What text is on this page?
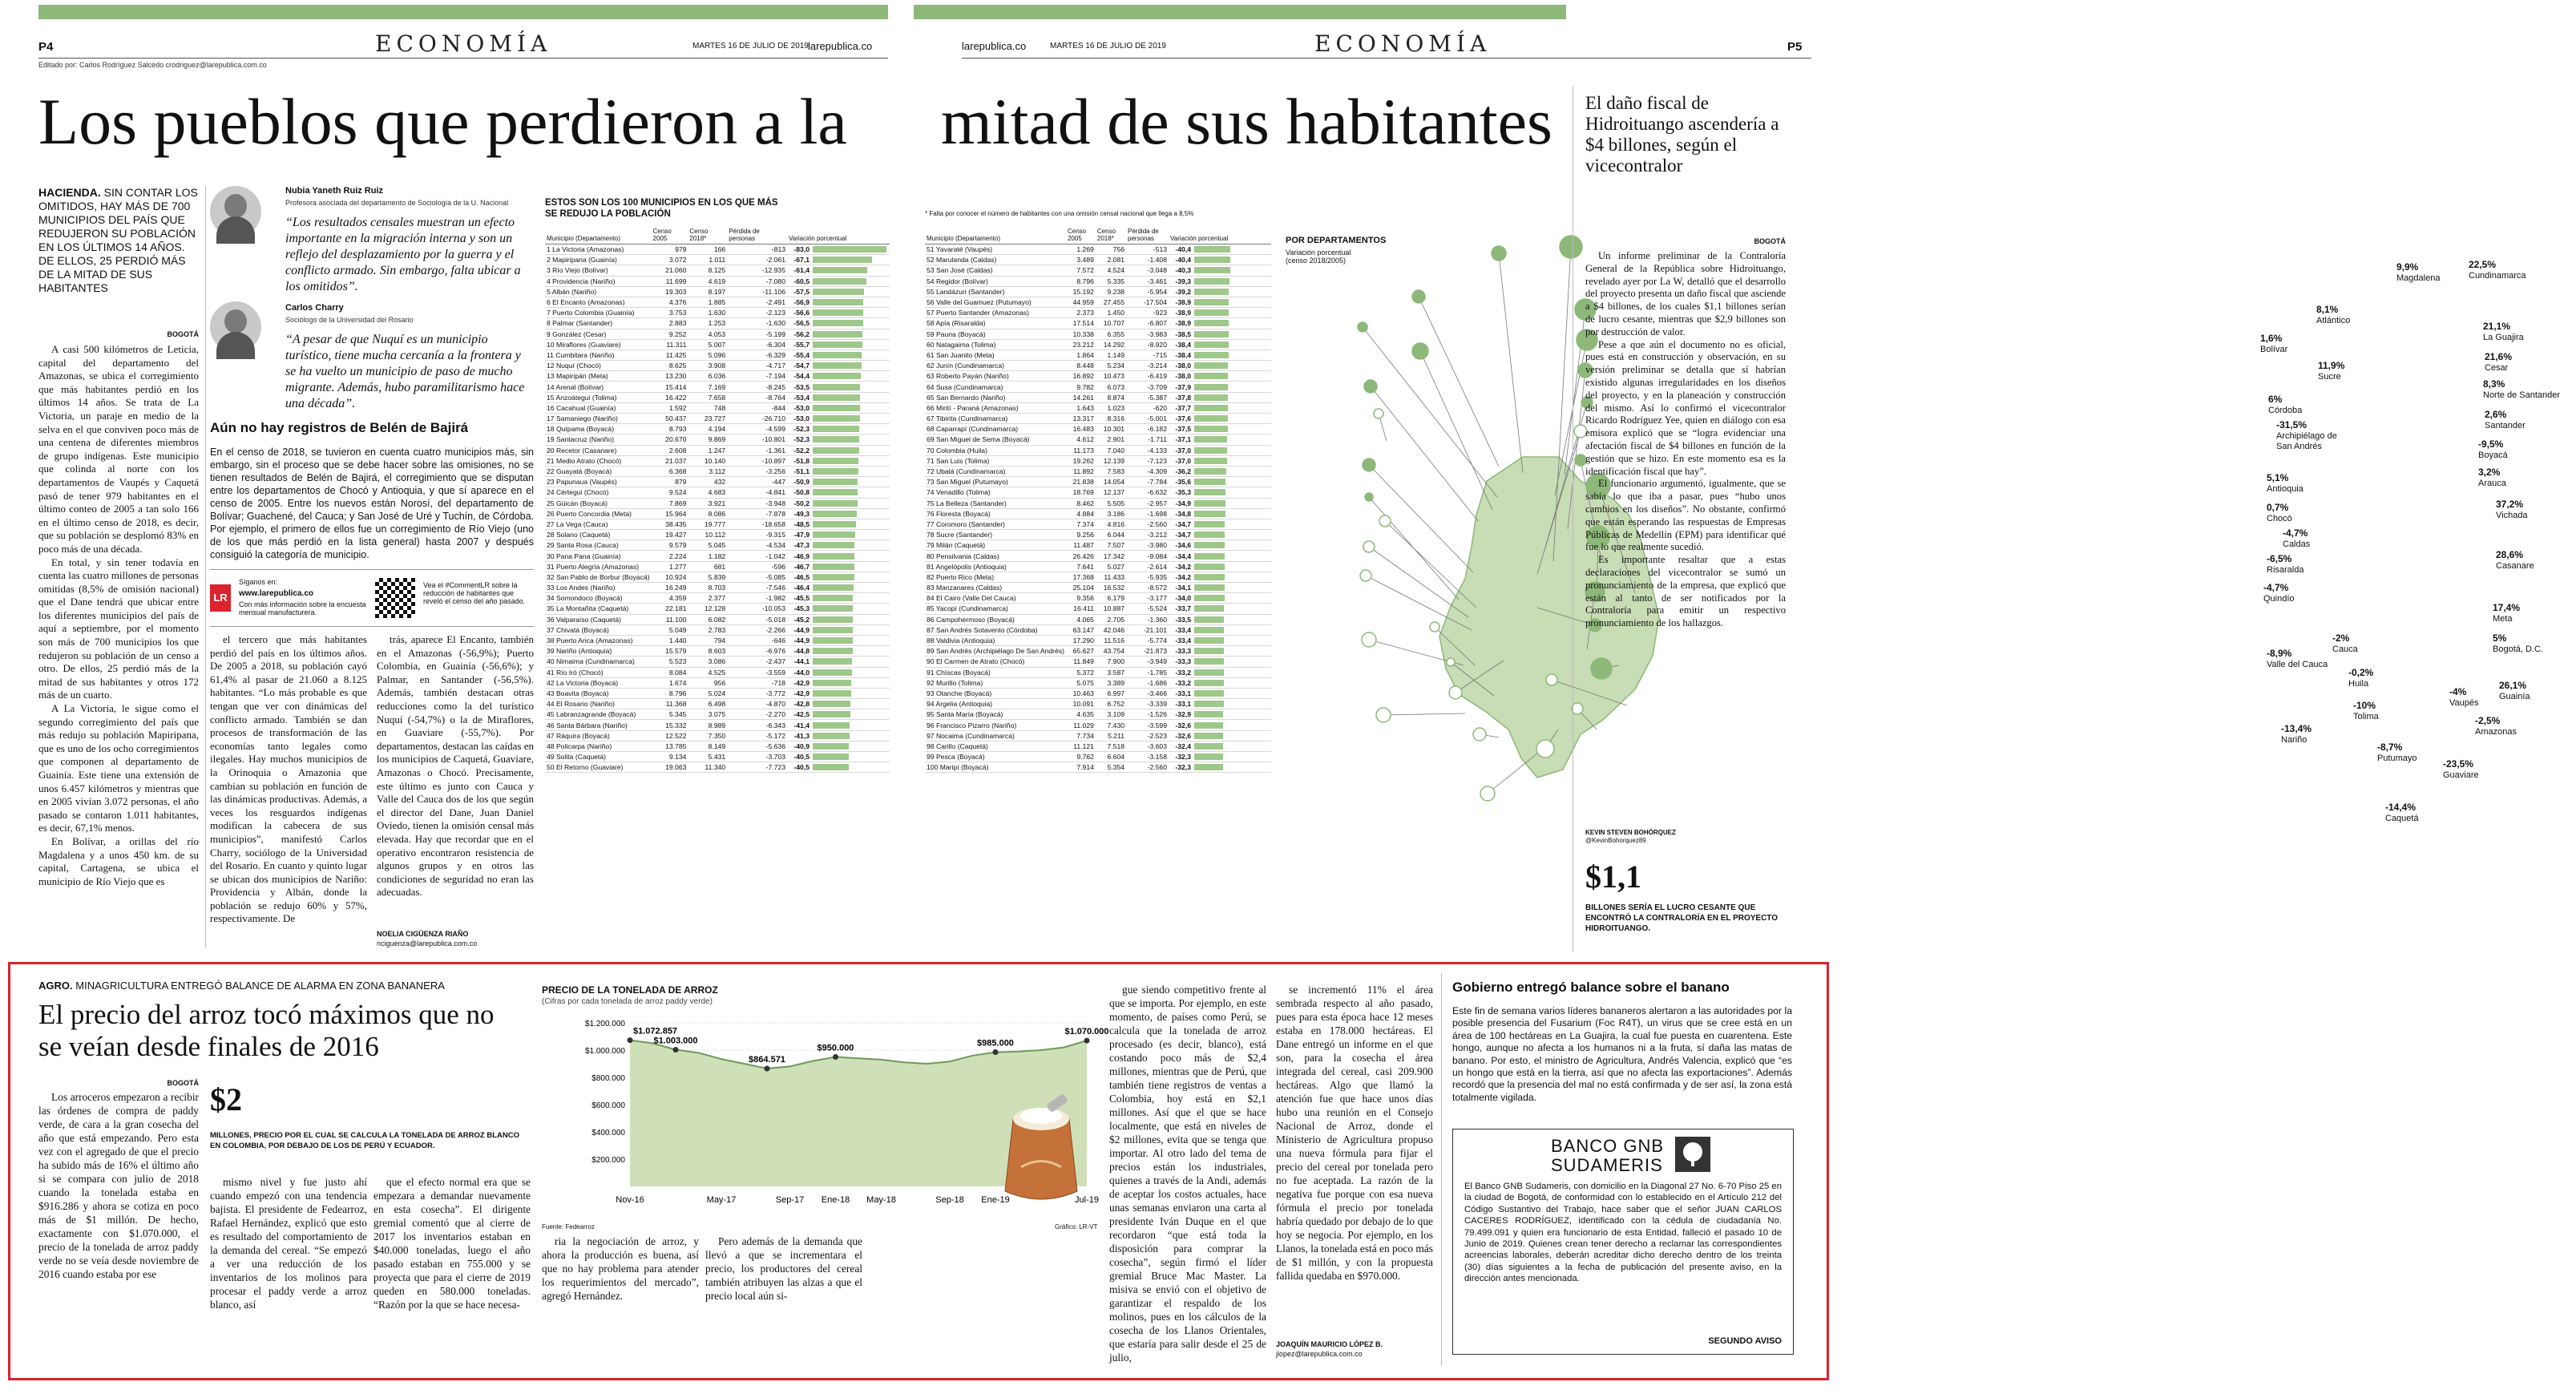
P4	ECONOMÍA	MARTES 16 DE JULIO DE 2019 larepublica.co
Editado por: Carlos Rodríguez Salcedo crodriguez@larepublica.com.co
Los pueblos que perdieron a la
HACIENDA. SIN CONTAR LOS OMITIDOS, HAY MÁS DE 700 MUNICIPIOS DEL PAÍS QUE REDUJERON SU POBLACIÓN EN LOS ÚLTIMOS 14 AÑOS. DE ELLOS, 25 PERDIÓ MÁS DE LA MITAD DE SUS HABITANTES
BOGOTÁ

A casi 500 kilómetros de Leticia, capital del departamento del Amazonas, se ubica el corregimiento que más habitantes perdió en los últimos 14 años. Se trata de La Victoria, un paraje en medio de la selva en el que conviven poco más de una centena de diferentes miembros de grupo indígenas. Este municipio que colinda al norte con los departamentos de Vaupés y Caquetá pasó de tener 979 habitantes en el último conteo de 2005 a tan solo 166 en el último censo de 2018, es decir, que su población se desplomó 83% en poco más de una década.

En total, y sin tener todavía en cuenta las cuatro millones de personas omitidas (8,5% de omisión nacional) que el Dane tendrá que ubicar entre los diferentes municipios del país de aquí a septiembre, por el momento son más de 700 municipios los que redujeron su población de un censo a otro. De ellos, 25 perdió más de la mitad de sus habitantes y otros 172 más de un cuarto.

A La Victoria, le sigue como el segundo corregimiento del país que más redujo su población Mapiripana, que es uno de los ocho corregimientos que componen al departamento de Guainía. Este tiene una extensión de unos 6.457 kilómetros y mientras que en 2005 vivían 3.072 personas, el año pasado se contaron 1.011 habitantes, es decir, 67,1% menos.

En Bolívar, a orillas del río Magdalena y a unos 450 km. de su capital, Cartagena, se ubica el municipio de Río Viejo que es

Nubia Yaneth Ruiz Ruiz
Profesora asociada del departamento de Sociología de la U. Nacional
“Los resultados censales muestran un efecto importante en la migración interna y son un reflejo del desplazamiento por la guerra y el conflicto armado. Sin embargo, falta ubicar a los omitidos”.
Carlos Charry
Sociólogo de la Universidad del Rosario
“A pesar de que Nuquí es un municipio turístico, tiene mucha cercanía a la frontera y se ha vuelto un municipio de paso de mucho migrante. Además, hubo paramilitarismo hace una década”.
Aún no hay registros de Belén de Bajirá
En el censo de 2018, se tuvieron en cuenta cuatro municipios más, sin embargo, sin el proceso que se debe hacer sobre las omisiones, no se tienen resultados de Belén de Bajirá, el corregimiento que se disputan entre los departamentos de Chocó y Antioquia, y que sí aparece en el censo de 2005. Entre los nuevos están Norosí, del departamento de Bolívar; Guachené, del Cauca; y San José de Uré y Tuchín, de Córdoba. Por ejemplo, el primero de ellos fue un corregimiento de Río Viejo (uno de los que más perdió en la lista general) hasta 2007 y después consiguió la categoría de municipio.
LR
Síganos en:
www.larepublica.co
Con más información sobre la encuesta mensual manufacturera.
Vea el #CommentLR sobre la reducción de habitantes que reveló el censo del año pasado.

el tercero que más habitantes perdió del país en los últimos años. De 2005 a 2018, su población cayó 61,4% al pasar de 21.060 a 8.125 habitantes. “Lo más probable es que tengan que ver con dinámicas del conflicto armado. También se dan procesos de transformación de las economías tanto legales como ilegales. Hay muchos municipios de la Orinoquia o Amazonia que cambian su población en función de las dinámicas productivas. Además, a veces los resguardos indígenas modifican la cabecera de sus municipios”, manifestó Carlos Charry, sociólogo de la Universidad del Rosario. En cuanto y quinto lugar se ubican dos municipios de Nariño: Providencia y Albán, donde la población se redujo 60% y 57%, respectivamente. De

trás, aparece El Encanto, también en el Amazonas (-56,9%); Puerto Colombia, en Guainía (-56,6%); y Palmar, en Santander (-56,5%). Además, también destacan otras reducciones como la del turístico Nuquí (-54,7%) o la de Miraflores, en Guaviare (-55,7%). Por departamentos, destacan las caídas en los municipios de Caquetá, Guaviare, Amazonas o Chocó. Precisamente, este último es junto con Cauca y Valle del Cauca dos de los que según el director del Dane, Juan Daniel Oviedo, tienen la omisión censal más elevada. Hay que recordar que en el operativo encontraron resistencia de algunos grupos y en otros las condiciones de seguridad no eran las adecuadas.

NOELIA CIGÜENZA RIAÑO
nciguenza@larepublica.com.co
ESTOS SON LOS 100 MUNICIPIOS EN LOS QUE MÁS SE REDUJO LA POBLACIÓN
Municipio (Departamento)	Censo 2005	Censo 2018*	Pérdida de personas	Variación porcentual	
1 La Victoria (Amazonas)	979	166	-813	-83,0	

2 Mapiripana (Guainía)	3.072	1.011	-2.061	-67,1	

3 Río Viejo (Bolívar)	21.060	8.125	-12.935	-61,4	

4 Providencia (Nariño)	11.699	4.619	-7.080	-60,5	

5 Albán (Nariño)	19.303	8.197	-11.106	-57,5	

6 El Encanto (Amazonas)	4.376	1.885	-2.491	-56,9	

7 Puerto Colombia (Guainía)	3.753	1.630	-2.123	-56,6	

8 Palmar (Santander)	2.883	1.253	-1.630	-56,5	

9 González (Cesar)	9.252	4.053	-5.199	-56,2	

10 Miraflores (Guaviare)	11.311	5.007	-6.304	-55,7	

11 Cumbitara (Nariño)	11.425	5.096	-6.329	-55,4	

12 Nuquí (Chocó)	8.625	3.908	-4.717	-54,7	

13 Mapiripán (Meta)	13.230	6.036	-7.194	-54,4	

14 Arenal (Bolívar)	15.414	7.169	-8.245	-53,5	

15 Anzoátegui (Tolima)	16.422	7.658	-8.764	-53,4	

16 Cacahual (Guainía)	1.592	748	-844	-53,0	

17 Samaniego (Nariño)	50.437	23.727	-26.710	-53,0	

18 Quípama (Boyacá)	8.793	4.194	-4.599	-52,3	

19 Santacruz (Nariño)	20.670	9.869	-10.801	-52,3	

20 Recetor (Casanare)	2.608	1.247	-1.361	-52,2	

21 Medio Atrato (Chocó)	21.037	10.140	-10.897	-51,8	

22 Guayatá (Boyacá)	6.368	3.112	-3.256	-51,1	

23 Papunaua (Vaupés)	879	432	-447	-50,9	

24 Cértegui (Chocó)	9.524	4.683	-4.841	-50,8	

25 Güicán (Boyacá)	7.869	3.921	-3.948	-50,2	

26 Puerto Concordia (Meta)	15.964	8.086	-7.878	-49,3	

27 La Vega (Cauca)	38.435	19.777	-18.658	-48,5	

28 Solano (Caquetá)	19.427	10.112	-9.315	-47,9	

29 Santa Rosa (Cauca)	9.579	5.045	-4.534	-47,3	

30 Pana Pana (Guainía)	2.224	1.182	-1.042	-46,9	

31 Puerto Alegría (Amazonas)	1.277	681	-596	-46,7	

32 San Pablo de Borbur (Boyacá)	10.924	5.839	-5.085	-46,5	

33 Los Andes (Nariño)	16.249	8.703	-7.546	-46,4	

34 Somondoco (Boyacá)	4.359	2.377	-1.982	-45,5	

35 La Montañita (Caquetá)	22.181	12.128	-10.053	-45,3	

36 Valparaíso (Caquetá)	11.100	6.082	-5.018	-45,2	

37 Chivatá (Boyacá)	5.049	2.783	-2.266	-44,9	

38 Puerto Arica (Amazonas)	1.440	794	-646	-44,9	

39 Nariño (Antioquia)	15.579	8.603	-6.976	-44,8	

40 Nimaima (Cundinamarca)	5.523	3.086	-2.437	-44,1	

41 Río Iró (Chocó)	8.084	4.525	-3.559	-44,0	

42 La Victoria (Boyacá)	1.674	956	-718	-42,9	

43 Boavita (Boyacá)	8.796	5.024	-3.772	-42,9	

44 El Rosario (Nariño)	11.368	6.498	-4.870	-42,8	

45 Labranzagrande (Boyacá)	5.345	3.075	-2.270	-42,5	

46 Santa Bárbara (Nariño)	15.332	8.989	-6.343	-41,4	

47 Ráquira (Boyacá)	12.522	7.350	-5.172	-41,3	

48 Policarpa (Nariño)	13.785	8.149	-5.636	-40,9	

49 Solita (Caquetá)	9.134	5.431	-3.703	-40,5	

50 El Retorno (Guaviare)	19.063	11.340	-7.723	-40,5	
larepublica.co	MARTES 16 DE JULIO DE 2019	ECONOMÍA	P5
mitad de sus habitantes
* Falta por conocer el número de habitantes con una omisión censal nacional que llega a 8,5%
Municipio (Departamento)	Censo 2005	Censo 2018*	Pérdida de personas	Variación porcentual	
51 Yavaraté (Vaupés)	1.269	756	-513	-40,4	

52 Marulanda (Caldas)	3.489	2.081	-1.408	-40,4	

53 San José (Caldas)	7.572	4.524	-3.048	-40,3	

54 Regidor (Bolívar)	8.796	5.335	-3.461	-39,3	

55 Landázuri (Santander)	15.192	9.238	-5.954	-39,2	

56 Valle del Guamuez (Putumayo)	44.959	27.455	-17.504	-38,9	

57 Puerto Santander (Amazonas)	2.373	1.450	-923	-38,9	

58 Apía (Risaralda)	17.514	10.707	-6.807	-38,9	

59 Pauna (Boyacá)	10.338	6.355	-3.983	-38,5	

60 Natagaima (Tolima)	23.212	14.292	-8.920	-38,4	

61 San Juanito (Meta)	1.864	1.149	-715	-38,4	

62 Junín (Cundinamarca)	8.448	5.234	-3.214	-38,0	

63 Roberto Payán (Nariño)	16.892	10.473	-6.419	-38,0	

64 Susa (Cundinamarca)	9.782	6.073	-3.709	-37,9	

65 San Bernardo (Nariño)	14.261	8.874	-5.387	-37,8	

66 Mirití - Paraná (Amazonas)	1.643	1.023	-620	-37,7	

67 Tibirita (Cundinamarca)	13.317	8.316	-5.001	-37,6	

68 Caparrapí (Cundinamarca)	16.483	10.301	-6.182	-37,5	

69 San Miguel de Sema (Boyacá)	4.612	2.901	-1.711	-37,1	

70 Colombia (Huila)	11.173	7.040	-4.133	-37,0	

71 San Luis (Tolima)	19.262	12.139	-7.123	-37,0	

72 Ubalá (Cundinamarca)	11.892	7.583	-4.309	-36,2	

73 San Miguel (Putumayo)	21.838	14.054	-7.784	-35,6	

74 Venadillo (Tolima)	18.769	12.137	-6.632	-35,3	

75 La Belleza (Santander)	8.462	5.505	-2.957	-34,9	

76 Floresta (Boyacá)	4.884	3.186	-1.698	-34,8	

77 Coromoro (Santander)	7.374	4.816	-2.560	-34,7	

78 Sucre (Santander)	9.256	6.044	-3.212	-34,7	

79 Milán (Caquetá)	11.487	7.507	-3.980	-34,6	

80 Pensilvania (Caldas)	26.426	17.342	-9.084	-34,4	

81 Angelópolis (Antioquia)	7.641	5.027	-2.614	-34,2	

82 Puerto Rico (Meta)	17.368	11.433	-5.935	-34,2	

83 Manzanares (Caldas)	25.104	16.532	-8.572	-34,1	

84 El Cairo (Valle Del Cauca)	9.356	6.179	-3.177	-34,0	

85 Yacopí (Cundinamarca)	16.411	10.887	-5.524	-33,7	

86 Campohermoso (Boyacá)	4.065	2.705	-1.360	-33,5	

87 San Andrés Sotavento (Córdoba)	63.147	42.046	-21.101	-33,4	

88 Valdivia (Antioquia)	17.290	11.516	-5.774	-33,4	

89 San Andrés (Archipiélago De San Andrés)	65.627	43.754	-21.873	-33,3	

90 El Carmen de Atrato (Chocó)	11.849	7.900	-3.949	-33,3	

91 Chíscas (Boyacá)	5.372	3.587	-1.785	-33,2	

92 Murillo (Tolima)	5.075	3.389	-1.686	-33,2	

93 Otanche (Boyacá)	10.463	6.997	-3.466	-33,1	

94 Argelia (Antioquia)	10.091	6.752	-3.339	-33,1	

95 Santa María (Boyacá)	4.635	3.109	-1.526	-32,9	

96 Francisco Pizarro (Nariño)	11.029	7.430	-3.599	-32,6	

97 Nocaima (Cundinamarca)	7.734	5.211	-2.523	-32,6	

98 Carillo (Caquetá)	11.121	7.518	-3.603	-32,4	

99 Pesca (Boyacá)	9.762	6.604	-3.158	-32,3	

100 Maripí (Boyacá)	7.914	5.354	-2.560	-32,3	
POR DEPARTAMENTOS
Variación porcentual (censo 2018/2005)	22,5%
Cundinamarca
9,9%
Magdalena
8,1%
Atlántico	21,1%
La Guajira
1,6%
Bolívar
21,6%
Cesar
11,9%
Sucre
8,3%
Norte de Santander
6%
Córdoba
-31,5%
Archipiélago de San Andrés
2,6%
Santander
-9,5%
Boyacá
3,2%
Arauca
5,1%
Antioquia
37,2%
Vichada
0,7%
Chocó
-4,7%
Caldas
-6,5%
Risaralda
28,6%
Casanare
-4,7%
Quindío
17,4%
Meta
-2%
Cauca
5%
Bogotá, D.C.
-8,9%
Valle del Cauca
-0,2%
Huila	26,1%
Guainía
-4%
Vaupés
-10%
Tolima	-2,5%
Amazonas
-13,4%
Nariño
-8,7%
Putumayo	-23,5%
Guaviare
-14,4%
Caquetá
El daño fiscal de Hidroituango ascendería a $4 billones, según el vicecontralor
BOGOTÁ

Un informe preliminar de la Contraloría General de la República sobre Hidroituango, revelado ayer por La W, detalló que el desarrollo del proyecto presenta un daño fiscal que asciende a $4 billones, de los cuales $1,1 billones serían de lucro cesante, mientras que $2,9 billones son por destrucción de valor.

Pese a que aún el documento no es oficial, pues está en construcción y observación, en su versión preliminar se detalla que sí habrían existido algunas irregularidades en los diseños del proyecto, y en la planeación y construcción del mismo. Así lo confirmó el vicecontralor Ricardo Rodríguez Yee, quien en diálogo con esa emisora explicó que se “logra evidenciar una afectación fiscal de $4 billones en función de la gestión que se hizo. En este momento esa es la identificación fiscal que hay”.

El funcionario argumentó, igualmente, que se sabía lo que iba a pasar, pues “hubo unos cambios en los diseños”. No obstante, confirmó que están esperando las respuestas de Empresas Públicas de Medellín (EPM) para identificar qué fue lo que realmente sucedió.

Es importante resaltar que a estas declaraciones del vicecontralor se sumó un pronunciamiento de la empresa, que explicó que están al tanto de ser notificados por la Contraloría para emitir un respectivo pronunciamiento de los hallazgos.

KEVIN STEVEN BOHÓRQUEZ
@KevinBohorquez89
$1,1
BILLONES SERÍA EL LUCRO CESANTE QUE ENCONTRÓ LA CONTRALORÍA EN EL PROYECTO HIDROITUANGO.
AGRO. MINAGRICULTURA ENTREGÓ BALANCE DE ALARMA EN ZONA BANANERA
El precio del arroz tocó máximos que no se veían desde finales de 2016
BOGOTÁ

Los arroceros empezaron a recibir las órdenes de compra de paddy verde, de cara a la gran cosecha del año que está empezando. Pero esta vez con el agregado de que el precio ha subido más de 16% el último año si se compara con julio de 2018 cuando la tonelada estaba en $916.286 y ahora se cotiza en poco más de $1 millón. De hecho, exactamente con $1.070.000, el precio de la tonelada de arroz paddy verde no se veía desde noviembre de 2016 cuando estaba por ese

$2
MILLONES, PRECIO POR EL CUAL SE CALCULA LA TONELADA DE ARROZ BLANCO EN COLOMBIA, POR DEBAJO DE LOS DE PERÚ Y ECUADOR.

mismo nivel y fue justo ahí cuando empezó con una tendencia bajista. El presidente de Fedearroz, Rafael Hernández, explicó que esto es resultado del comportamiento de la demanda del cereal. “Se empezó a ver una reducción de los inventarios de los molinos para procesar el paddy verde a arroz blanco, así

que el efecto normal era que se empezara a demandar nuevamente en esta cosecha”. El dirigente gremial comentó que al cierre de 2017 los inventarios estaban en $40.000 toneladas, luego el año pasado estaban en 755.000 y se proyecta que para el cierre de 2019 queden en 580.000 toneladas. “Razón por la que se hace necesa-

PRECIO DE LA TONELADA DE ARROZ
(Cifras por cada tonelada de arroz paddy verde)
$1.200.000
$1.000.000
$800.000
$600.000
$400.000
$200.000
$1.072.857
$1.003.000
$864.571
$950.000	$985.000
$1.070.000
Nov-16	May-17	Sep-17 Ene-18 May-18	Sep-18 Ene-19	Jul-19
Fuente: Fedearroz	Gráfico: LR-VT

ria la negociación de arroz, y ahora la producción es buena, así que no hay problema para atender los requerimientos del mercado”, agregó Hernández.

Pero además de la demanda que llevó a que se incrementara el precio, los productores del cereal también atribuyen las alzas a que el precio local aún si-

gue siendo competitivo frente al que se importa. Por ejemplo, en este momento, de países como Perú, se calcula que la tonelada de arroz procesado (es decir, blanco), está costando poco más de $2,4 millones, mientras que de Perú, que también tiene registros de ventas a Colombia, hoy está en $2,1 millones. Así que el que se hace localmente, que está en niveles de $2 millones, evita que se tenga que importar. Al otro lado del tema de precios están los industriales, quienes a través de la Andi, además de aceptar los costos actuales, hace unas semanas enviaron una carta al presidente Iván Duque en el que recordaron “que está toda la disposición para comprar la cosecha”, según firmó el líder gremial Bruce Mac Master. La misiva se envió con el objetivo de garantizar el respaldo de los molinos, pues en los cálculos de la cosecha de los Llanos Orientales, que estaría para salir desde el 25 de julio,

se incrementó 11% el área sembrada respecto al año pasado, pues para esta época hace 12 meses estaba en 178.000 hectáreas. El Dane entregó un informe en el que son, para la cosecha el área integrada del cereal, casi 209.900 hectáreas. Algo que llamó la atención fue que hace unos días hubo una reunión en el Consejo Nacional de Arroz, donde el Ministerio de Agricultura propuso una nueva fórmula para fijar el precio del cereal por tonelada pero no fue aceptada. La razón de la negativa fue porque con esa nueva fórmula el precio por tonelada habría quedado por debajo de lo que hoy se negocia. Por ejemplo, en los Llanos, la tonelada está en poco más de $1 millón, y con la propuesta fallida quedaba en $970.000.

JOAQUÍN MAURICIO LÓPEZ B.
jlopez@larepublica.com.co
Gobierno entregó balance sobre el banano
Este fin de semana varios líderes bananeros alertaron a las autoridades por la posible presencia del Fusarium (Foc R4T), un virus que se cree está en un área de 100 hectáreas en La Guajira, la cual fue puesta en cuarentena. Este hongo, aunque no afecta a los humanos ni a la fruta, sí daña las matas de banano. Por esto, el ministro de Agricultura, Andrés Valencia, explicó que “es un hongo que está en la tierra, así que no afecta las exportaciones”. Además recordó que la presencia del mal no está confirmada y de ser así, la zona está totalmente vigilada.
BANCO GNB
SUDAMERIS
El Banco GNB Sudameris, con domicilio en la Diagonal 27 No. 6-70 Piso 25 en la ciudad de Bogotá, de conformidad con lo establecido en el Artículo 212 del Código Sustantivo del Trabajo, hace saber que el señor JUAN CARLOS CACERES RODRÍGUEZ, identificado con la cédula de ciudadanía No. 79.499.091 y quien era funcionario de esta Entidad, falleció el pasado 10 de Junio de 2019. Quienes crean tener derecho a reclamar las correspondientes acreencias laborales, deberán acreditar dicho derecho dentro de los treinta (30) días siguientes a la fecha de publicación del presente aviso, en la dirección antes mencionada.
SEGUNDO AVISO
